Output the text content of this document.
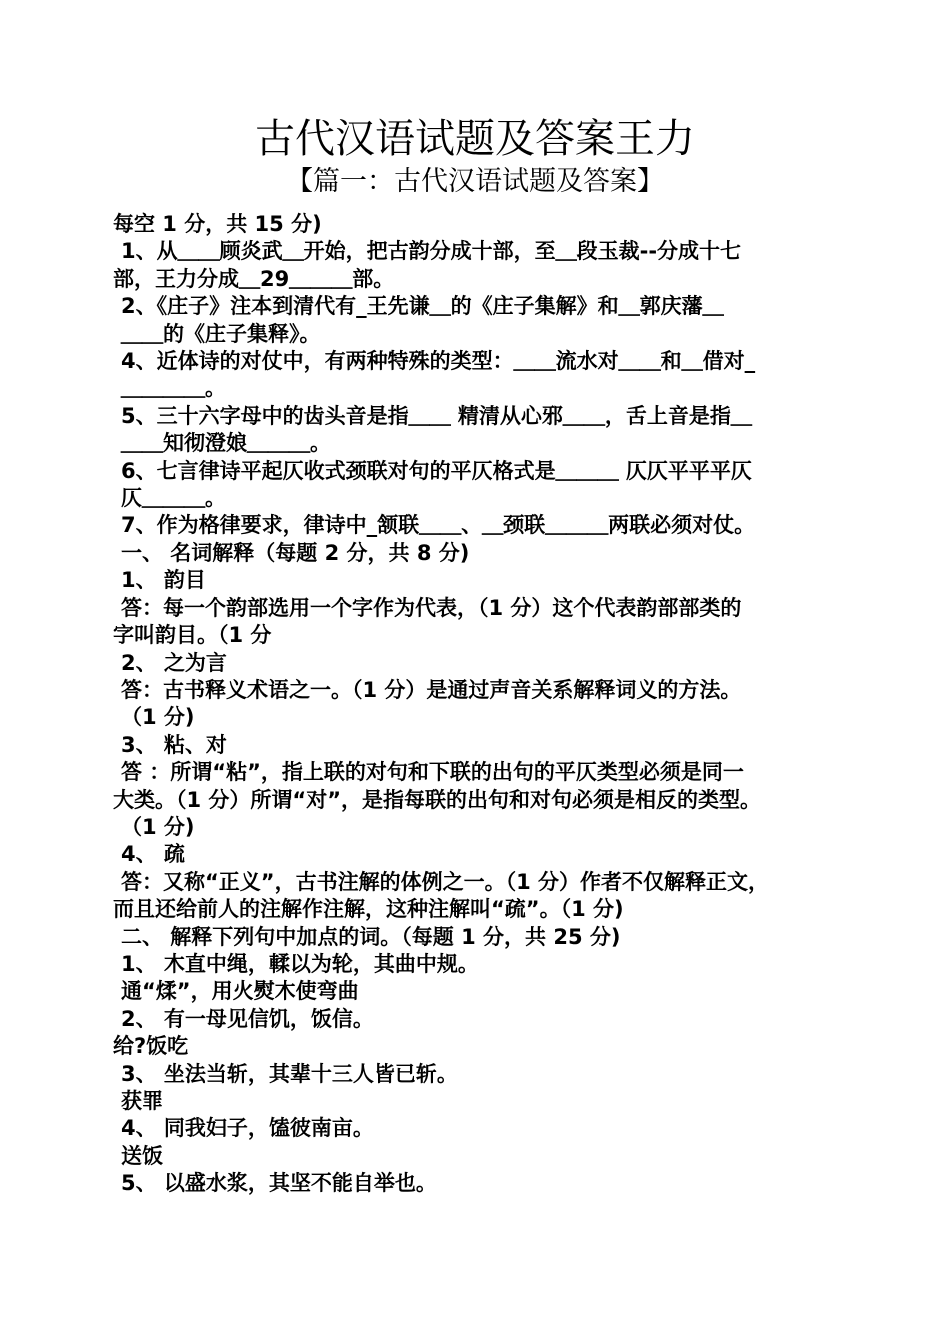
古代汉语试题及答案王力
【篇一：古代汉语试题及答案】
每空 1 分，共 15 分)
1、从＿＿顾炎武＿开始，把古韵分成十部，至＿段玉裁--分成十七
部，王力分成＿29＿＿＿部。
2、《庄子》注本到清代有_王先谦＿的《庄子集解》和＿郭庆藩＿
＿＿的《庄子集释》。
4、近体诗的对仗中，有两种特殊的类型：＿＿流水对＿＿和＿借对_
＿＿＿＿。
5、三十六字母中的齿头音是指＿＿ 精清从心邪＿＿，舌上音是指＿
＿＿知彻澄娘＿＿＿。
6、七言律诗平起仄收式颈联对句的平仄格式是＿＿＿ 仄仄平平平仄
仄＿＿＿。
7、作为格律要求，律诗中_颔联＿＿、＿颈联＿＿＿两联必须对仗。
一、 名词解释（每题 2 分，共 8 分)
1、 韵目
答：每一个韵部选用一个字作为代表，（1 分）这个代表韵部部类的
字叫韵目。（1 分
2、 之为言
答：古书释义术语之一。（1 分）是通过声音关系解释词义的方法。
（1 分)
3、 粘、对
答 ：所谓“粘”，指上联的对句和下联的出句的平仄类型必须是同一
大类。（1 分）所谓“对”，是指每联的出句和对句必须是相反的类型。
（1 分)
4、 疏
答：又称“正义”，古书注解的体例之一。（1 分）作者不仅解释正文，
而且还给前人的注解作注解，这种注解叫“疏”。（1 分)
二、 解释下列句中加点的词。（每题 1 分，共 25 分)
1、 木直中绳，輮以为轮，其曲中规。
通“煣”，用火熨木使弯曲
2、 有一母见信饥，饭信。
给?饭吃
3、 坐法当斩，其辈十三人皆已斩。
获罪
4、 同我妇子，馌彼南亩。
送饭
5、 以盛水浆，其坚不能自举也。
